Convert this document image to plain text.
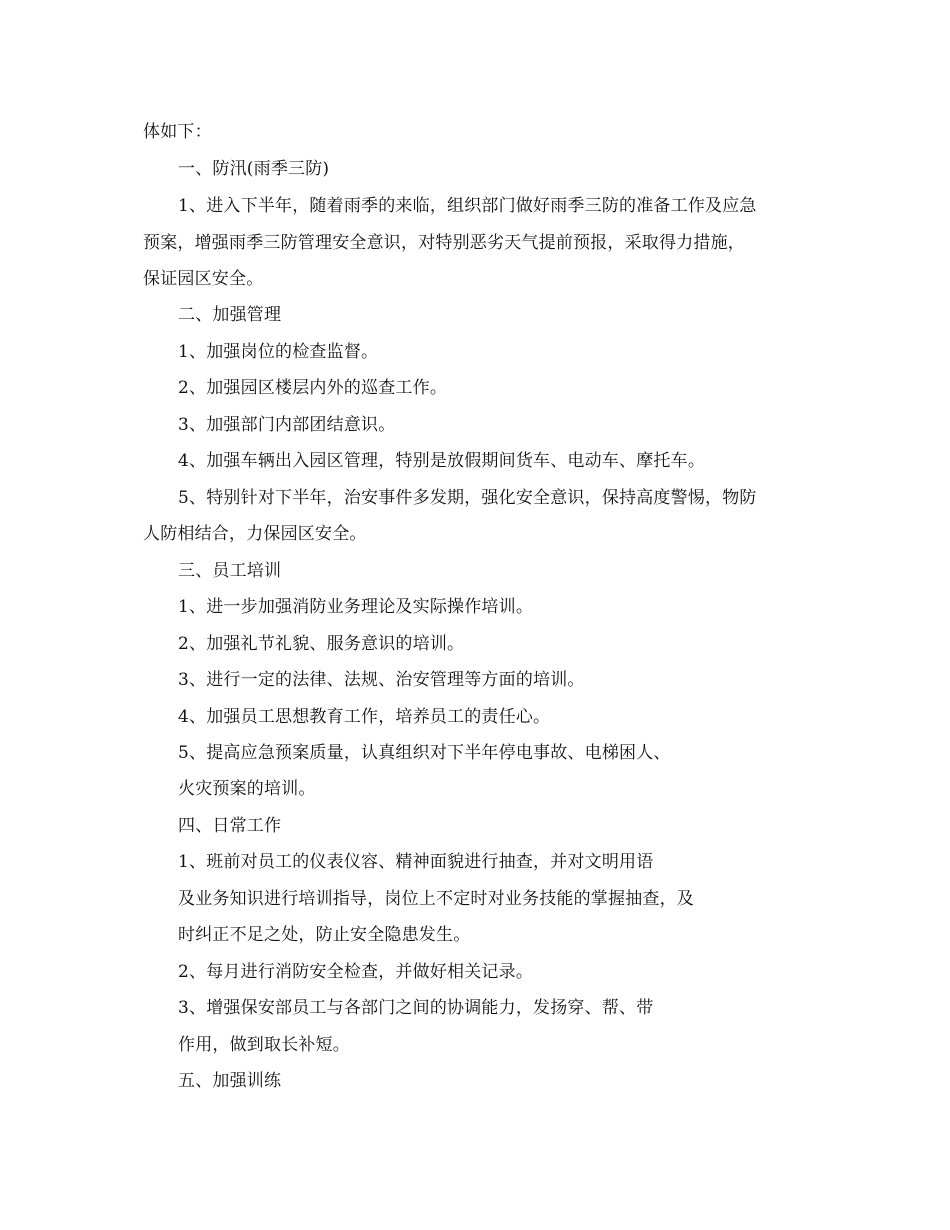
体如下：
一、防汛(雨季三防)
1、进入下半年，随着雨季的来临，组织部门做好雨季三防的准备工作及应急
预案，增强雨季三防管理安全意识，对特别恶劣天气提前预报，采取得力措施，
保证园区安全。
二、加强管理
1、加强岗位的检查监督。
2、加强园区楼层内外的巡查工作。
3、加强部门内部团结意识。
4、加强车辆出入园区管理，特别是放假期间货车、电动车、摩托车。
5、特别针对下半年，治安事件多发期，强化安全意识，保持高度警惕，物防
人防相结合，力保园区安全。
三、员工培训
1、进一步加强消防业务理论及实际操作培训。
2、加强礼节礼貌、服务意识的培训。
3、进行一定的法律、法规、治安管理等方面的培训。
4、加强员工思想教育工作，培养员工的责任心。
5、提高应急预案质量，认真组织对下半年停电事故、电梯困人、
火灾预案的培训。
四、日常工作
1、班前对员工的仪表仪容、精神面貌进行抽查，并对文明用语
及业务知识进行培训指导，岗位上不定时对业务技能的掌握抽查，及
时纠正不足之处，防止安全隐患发生。
2、每月进行消防安全检查，并做好相关记录。
3、增强保安部员工与各部门之间的协调能力，发扬穿、帮、带
作用，做到取长补短。
五、加强训练
